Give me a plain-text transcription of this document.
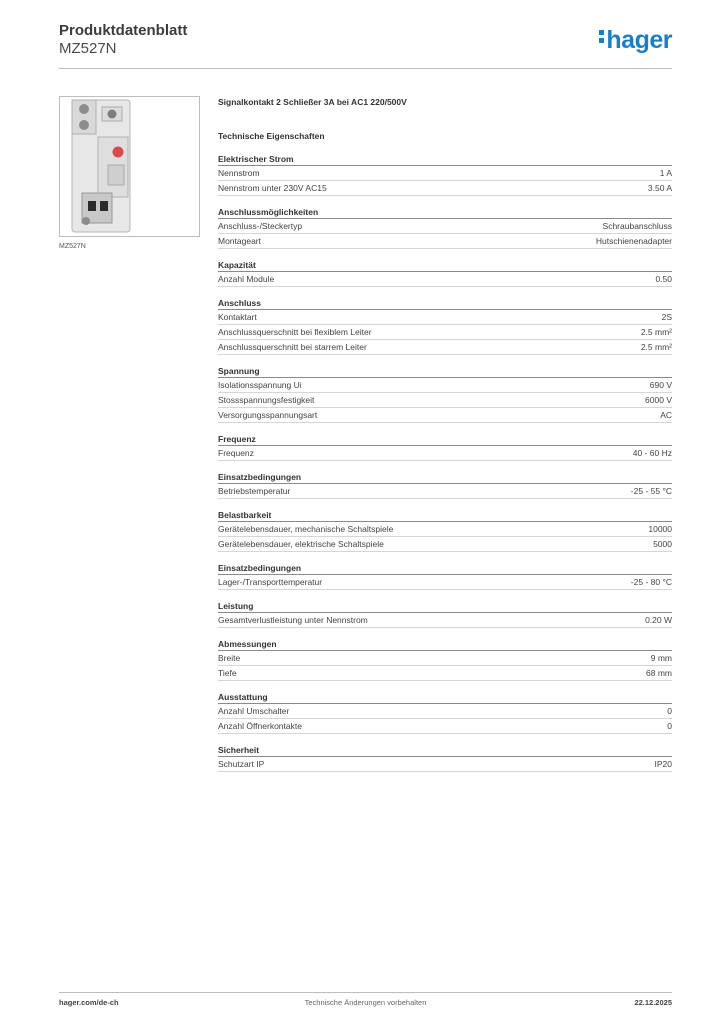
Produktdatenblatt
MZ527N	hager
MZ527N
Signalkontakt 2 Schließer 3A bei AC1 220/500V
Technische Eigenschaften
Elektrischer Strom
Nennstrom	1 A
Nennstrom unter 230V AC15	3.50 A
Anschlussmöglichkeiten
Anschluss-/Steckertyp	Schraubanschluss
Montageart	Hutschienenadapter
Kapazität
Anzahl Module	0.50
Anschluss
Kontaktart	2S
Anschlussquerschnitt bei flexiblem Leiter	2.5 mm²
Anschlussquerschnitt bei starrem Leiter	2.5 mm²
Spannung
Isolationsspannung Ui	690 V
Stossspannungsfestigkeit	6000 V
Versorgungsspannungsart	AC
Frequenz
Frequenz	40 - 60 Hz
Einsatzbedingungen
Betriebstemperatur	-25 - 55 °C
Belastbarkeit
Gerätelebensdauer, mechanische Schaltspiele	10000
Gerätelebensdauer, elektrische Schaltspiele	5000
Einsatzbedingungen
Lager-/Transporttemperatur	-25 - 80 °C
Leistung
Gesamtverlustleistung unter Nennstrom	0.20 W
Abmessungen
Breite	9 mm
Tiefe	68 mm
Ausstattung
Anzahl Umschalter	0
Anzahl Öffnerkontakte	0
Sicherheit
Schutzart IP	IP20
hager.com/de-ch	Technische Änderungen vorbehalten	22.12.2025
